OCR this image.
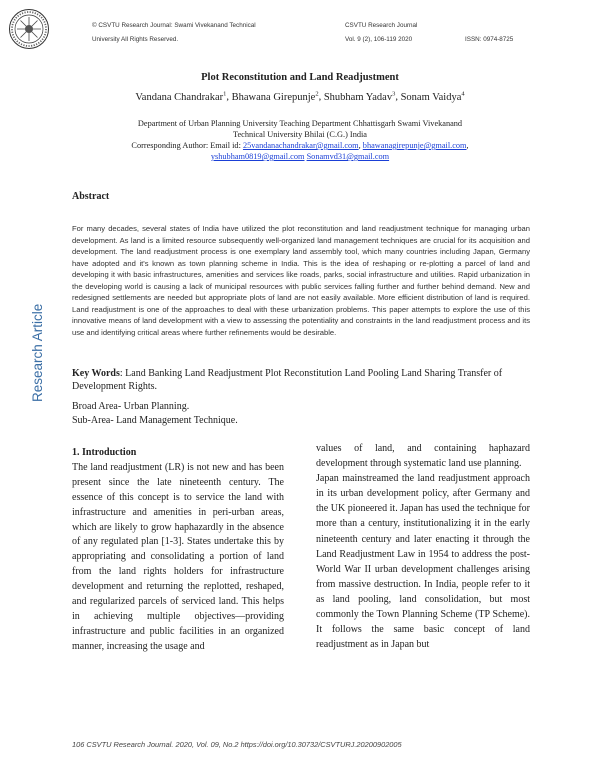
© CSVTU Research Journal: Swami Vivekanand Technical
University All Rights Reserved.
CSVTU Research Journal
Vol. 9 (2), 106-119 2020	ISSN: 0974-8725
Plot Reconstitution and Land Readjustment
Vandana Chandrakar$^1$, Bhawana Girepunje$^2$, Shubham Yadav$^3$, Sonam Vaidya$^4$
Department of Urban Planning University Teaching Department Chhattisgarh Swami Vivekanand
Technical University Bhilai (C.G.) India
Corresponding Author: Email id: 25vandanachandrakar@gmail.com, bhawanagirepunje@gmail.com,
yshubham0819@gmail.com Sonamvd31@gmail.com
Abstract
For many decades, several states of India have utilized the plot reconstitution and land readjustment technique for managing urban development. As land is a limited resource subsequently well-organized land management techniques are crucial for its acquisition and development. The land readjustment process is one exemplary land assembly tool, which many countries including Japan, Germany have adopted and it's known as town planning scheme in India. This is the idea of reshaping or re-plotting a parcel of land and developing it with basic infrastructures, amenities and services like roads, parks, social infrastructure and utilities. Rapid urbanization in the developing world is causing a lack of municipal resources with public services falling further and further behind demand. New and redesigned settlements are needed but appropriate plots of land are not easily available. More efficient distribution of land is required. Land readjustment is one of the approaches to deal with these urbanization problems. This paper attempts to explore the use of this innovative means of land development with a view to assessing the potentiality and constraints in the land readjustment process and its use and identifying critical areas where further refinements would be desirable.
Research Article	Key Words: Land Banking Land Readjustment Plot Reconstitution Land Pooling Land Sharing Transfer of Development Rights.
Broad Area- Urban Planning.
Sub-Area- Land Management Technique.
1. Introduction
The land readjustment (LR) is not new and has been present since the late nineteenth century. The essence of this concept is to service the land with infrastructure and amenities in peri-urban areas, which are likely to grow haphazardly in the absence of any regulated plan [1-3]. States undertake this by appropriating and consolidating a portion of land from the land rights holders for infrastructure development and returning the replotted, reshaped, and regularized parcels of serviced land. This helps in achieving multiple objectives—providing infrastructure and public facilities in an organized manner, increasing the usage and
values of land, and containing haphazard development through systematic land use planning.
Japan mainstreamed the land readjustment approach in its urban development policy, after Germany and the UK pioneered it. Japan has used the technique for more than a century, institutionalizing it in the early nineteenth century and later enacting it through the Land Readjustment Law in 1954 to address the post-World War II urban development challenges arising from massive destruction. In India, people refer to it as land pooling, land consolidation, but most commonly the Town Planning Scheme (TP Scheme). It follows the same basic concept of land readjustment as in Japan but
106 CSVTU Research Journal. 2020, Vol. 09, No.2 https://doi.org/10.30732/CSVTURJ.20200902005
